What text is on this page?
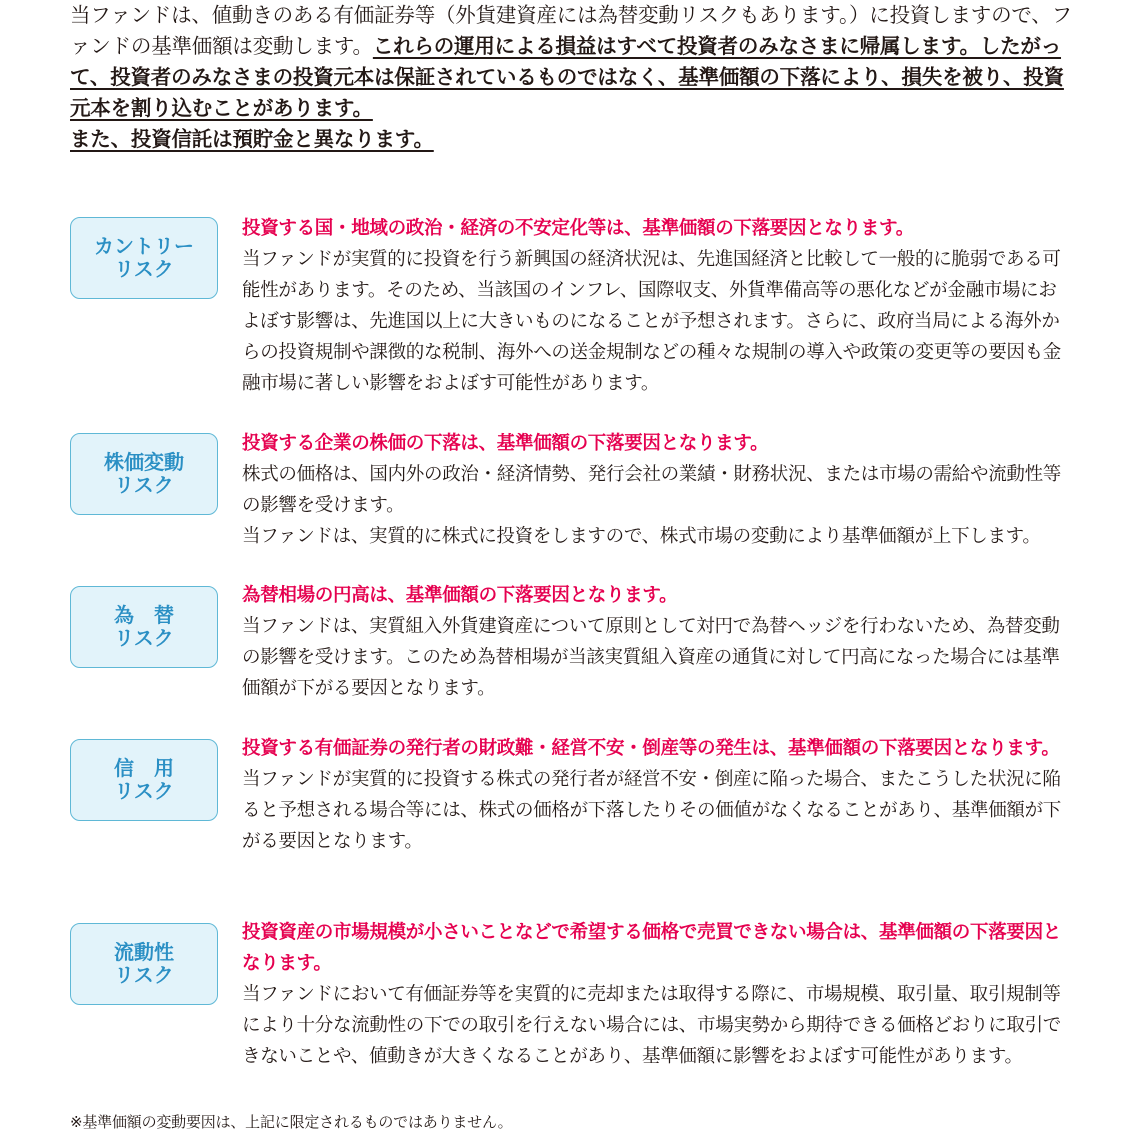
当ファンドは、値動きのある有価証券等（外貨建資産には為替変動リスクもあります。）に投資しますので、ファンドの基準価額は変動します。これらの運用による損益はすべて投資者のみなさまに帰属します。したがって、投資者のみなさまの投資元本は保証されているものではなく、基準価額の下落により、損失を被り、投資元本を割り込むことがあります。

また、投資信託は預貯金と異なります。

カントリー
リスク

投資する国・地域の政治・経済の不安定化等は、基準価額の下落要因となります。

当ファンドが実質的に投資を行う新興国の経済状況は、先進国経済と比較して一般的に脆弱である可能性があります。そのため、当該国のインフレ、国際収支、外貨準備高等の悪化などが金融市場におよぼす影響は、先進国以上に大きいものになることが予想されます。さらに、政府当局による海外からの投資規制や課徴的な税制、海外への送金規制などの種々な規制の導入や政策の変更等の要因も金融市場に著しい影響をおよぼす可能性があります。

株価変動
リスク

投資する企業の株価の下落は、基準価額の下落要因となります。

株式の価格は、国内外の政治・経済情勢、発行会社の業績・財務状況、または市場の需給や流動性等の影響を受けます。

当ファンドは、実質的に株式に投資をしますので、株式市場の変動により基準価額が上下します。

為　替
リスク

為替相場の円高は、基準価額の下落要因となります。

当ファンドは、実質組入外貨建資産について原則として対円で為替ヘッジを行わないため、為替変動の影響を受けます。このため為替相場が当該実質組入資産の通貨に対して円高になった場合には基準価額が下がる要因となります。

信　用
リスク

投資する有価証券の発行者の財政難・経営不安・倒産等の発生は、基準価額の下落要因となります。

当ファンドが実質的に投資する株式の発行者が経営不安・倒産に陥った場合、またこうした状況に陥ると予想される場合等には、株式の価格が下落したりその価値がなくなることがあり、基準価額が下がる要因となります。

流動性
リスク

投資資産の市場規模が小さいことなどで希望する価格で売買できない場合は、基準価額の下落要因となります。

当ファンドにおいて有価証券等を実質的に売却または取得する際に、市場規模、取引量、取引規制等により十分な流動性の下での取引を行えない場合には、市場実勢から期待できる価格どおりに取引できないことや、値動きが大きくなることがあり、基準価額に影響をおよぼす可能性があります。

※基準価額の変動要因は、上記に限定されるものではありません。
